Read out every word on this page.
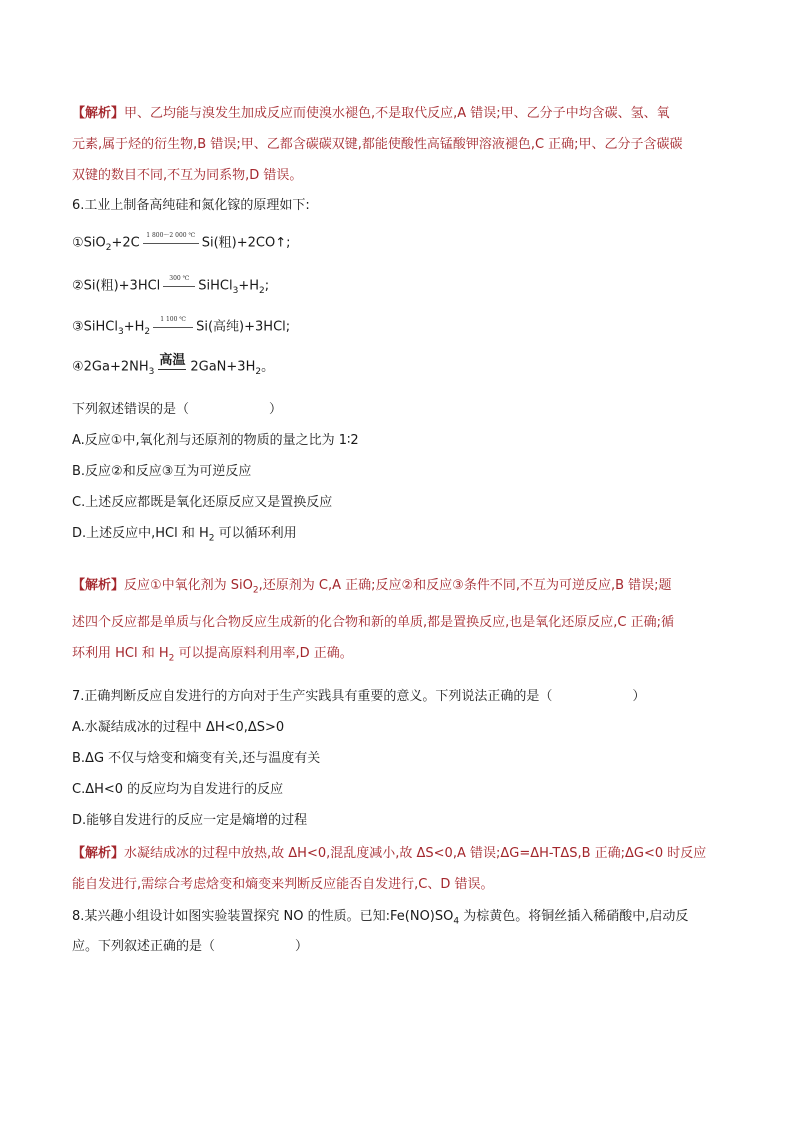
【解析】甲、乙均能与溴发生加成反应而使溴水褪色,不是取代反应,A 错误;甲、乙分子中均含碳、氢、氧
元素,属于烃的衍生物,B 错误;甲、乙都含碳碳双键,都能使酸性高锰酸钾溶液褪色,C 正确;甲、乙分子含碳碳
双键的数目不同,不互为同系物,D 错误。
6.工业上制备高纯硅和氮化镓的原理如下:
①SiO$_2$+2C	1 800～2 000 ℃ Si(粗)+2CO↑;
②Si(粗)+3HCl	300 ℃ $SiHCl_3+H_2$;
$③SiHCl_3+H_2$
1 100 ℃ Si(高纯)+3HCl;
$④2Ga+2NH_3$
高温 $2GaN+3H_2$。
下列叙述错误的是（	）
A.反应①中,氧化剂与还原剂的物质的量之比为 1∶2
B.反应②和反应③互为可逆反应
C.上述反应都既是氧化还原反应又是置换反应
D.上述反应中,HCl 和 $H_2$ 可以循环利用
【解析】反应①中氧化剂为 SiO$_2$,还原剂为 C,A 正确;反应②和反应③条件不同,不互为可逆反应,B 错误;题
述四个反应都是单质与化合物反应生成新的化合物和新的单质,都是置换反应,也是氧化还原反应,C 正确;循
环利用 HCl 和 $H_2$ 可以提高原料利用率,D 正确。
7.正确判断反应自发进行的方向对于生产实践具有重要的意义。下列说法正确的是（	）
A.水凝结成冰的过程中 ΔH<0,ΔS>0
B.ΔG 不仅与焓变和熵变有关,还与温度有关
C.ΔH<0 的反应均为自发进行的反应
D.能够自发进行的反应一定是熵增的过程
【解析】水凝结成冰的过程中放热,故 ΔH<0,混乱度减小,故 ΔS<0,A 错误;ΔG=ΔH-TΔS,B 正确;ΔG<0 时反应
能自发进行,需综合考虑焓变和熵变来判断反应能否自发进行,C、D 错误。
8.某兴趣小组设计如图实验装置探究 NO 的性质。已知$:Fe(NO)SO_4$ 为棕黄色。将铜丝插入稀硝酸中,启动反
应。下列叙述正确的是（	）
